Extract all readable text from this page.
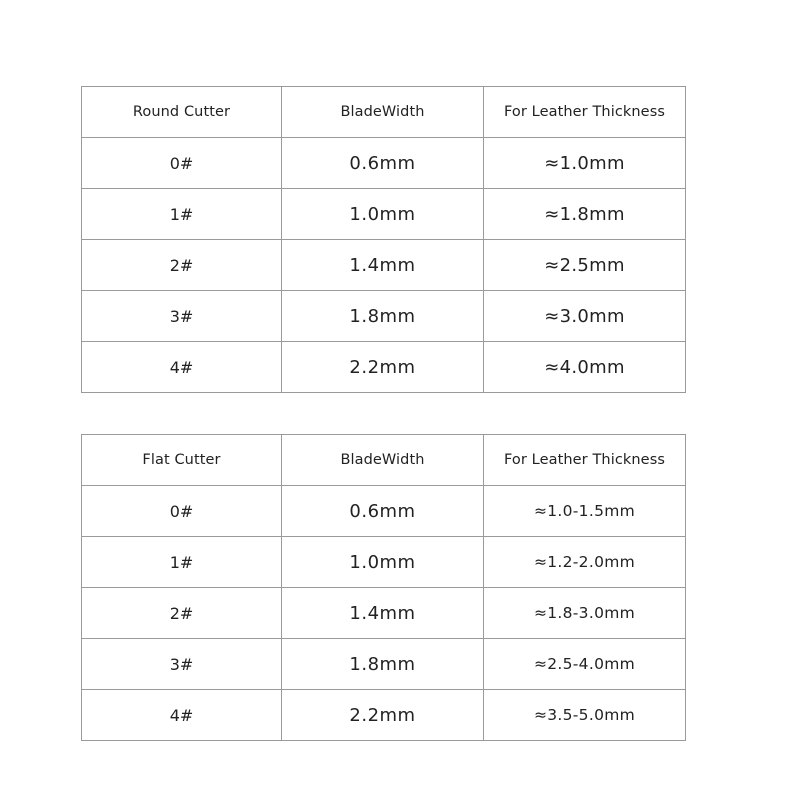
Round Cutter	BladeWidth	For Leather Thickness
0#	0.6mm	≈1.0mm
1#	1.0mm	≈1.8mm
2#	1.4mm	≈2.5mm
3#	1.8mm	≈3.0mm
4#	2.2mm	≈4.0mm
Flat Cutter	BladeWidth	For Leather Thickness
0#	0.6mm	≈1.0-1.5mm
1#	1.0mm	≈1.2-2.0mm
2#	1.4mm	≈1.8-3.0mm
3#	1.8mm	≈2.5-4.0mm
4#	2.2mm	≈3.5-5.0mm
